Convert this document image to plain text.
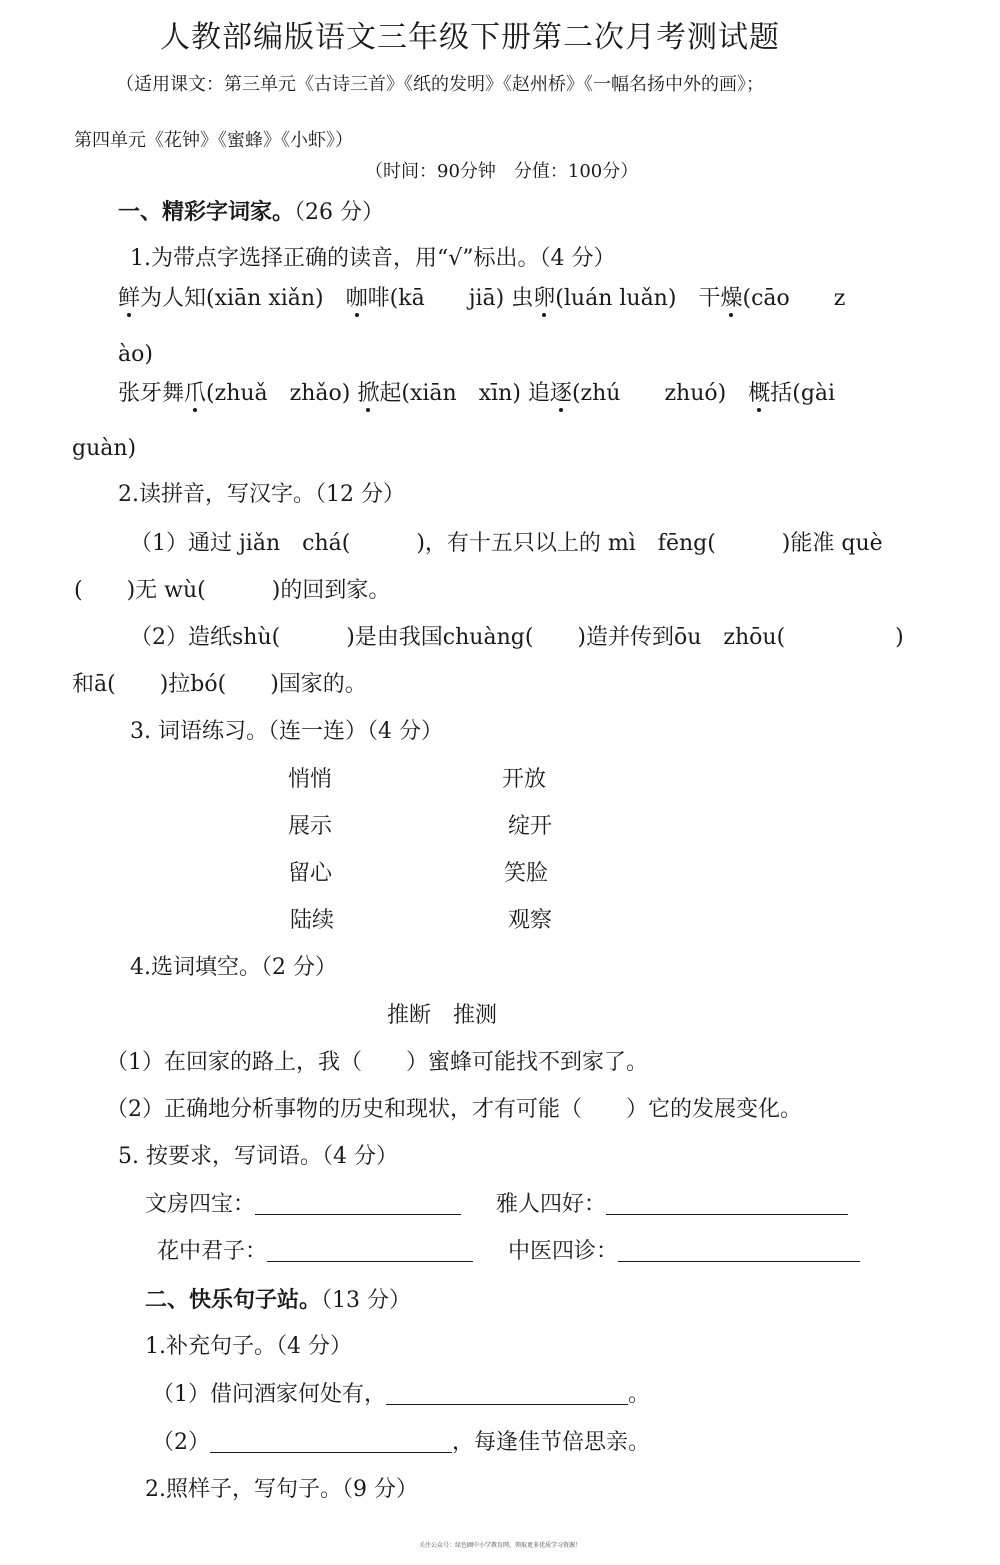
人教部编版语文三年级下册第二次月考测试题
（适用课文：第三单元《古诗三首》《纸的发明》《赵州桥》《一幅名扬中外的画》；
第四单元《花钟》《蜜蜂》《小虾》）
（时间：90分钟　分值：100分）
一、精彩字词家。（26 分）
1.为带点字选择正确的读音，用“√”标出。（4 分）
鲜为人知(xiān xiǎn)　 咖啡(kā　　jiā) 虫卵(luán luǎn)　 干燥(cāo　　z
ào)
张牙舞爪(zhuǎ　zhǎo) 掀起(xiān　xīn) 追逐(zhú　　zhuó)　 概括(gài
guàn)
2.读拼音，写汉字。（12 分）
（1）通过 jiǎn　chá(　　　)，有十五只以上的 mì　fēng(　　　)能准 què
(　　)无 wù(　　　)的回到家。
（2）造纸shù(　　　)是由我国chuàng(　　)造并传到ōu　zhōu(　　　　　)
和ā(　　)拉bó(　　)国家的。
3. 词语练习。（连一连）（4 分）
悄悄	开放
展示	绽开
留心	笑脸
陆续	观察
4.选词填空。（2 分）
推断　推测
（1）在回家的路上，我（　　）蜜蜂可能找不到家了。
（2）正确地分析事物的历史和现状，才有可能（　　）它的发展变化。
5. 按要求，写词语。（4 分）
文房四宝：	雅人四好：
花中君子：	中医四诊：
二、快乐句子站。（13 分）
1.补充句子。（4 分）
（1）借问酒家何处有，	。
（2）	，每逢佳节倍思亲。
2.照样子，写句子。（9 分）
关注公众号：绿色圃中小学教育网，领取更多优质学习资源！
